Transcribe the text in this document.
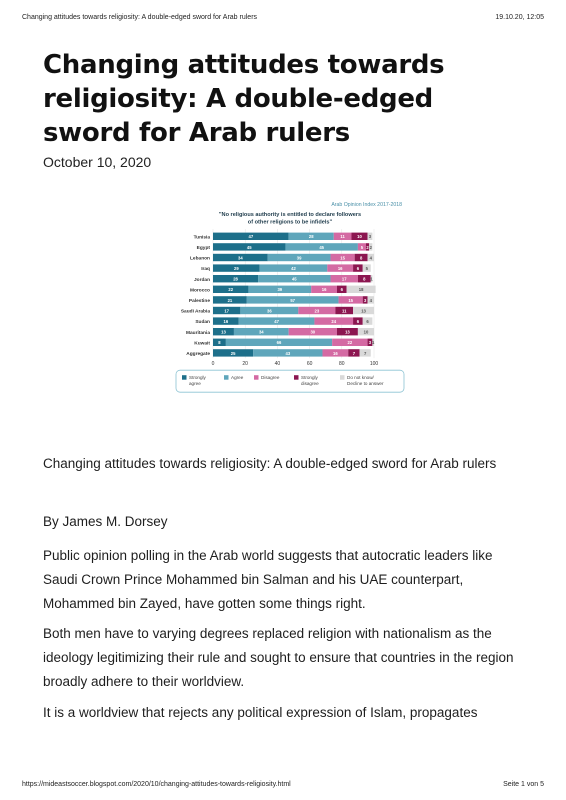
Changing attitudes towards religiosity: A double-edged sword for Arab rulers	19.10.20, 12:05
Changing attitudes towards religiosity: A double-edged sword for Arab rulers
October 10, 2020
Arab Opinion Index 2017-2018
"No religious authority is entitled to declare followers
of other religions to be infidels"
Tunisia	47	28	11	10 3
Egypt	45	45	5 2 2
Lebanon	34	39	15	8 4
Iraq	29	42	16	6 5
Jordan	28	45	17	8 1
Morocco	22	39	16	6	18
Palestine	21	57	15	3 4
Saudi Arabia	17	36	23	11	13
Sudan	16	47	24	6 6
Mauritania	13	34	30	13	10
Kuwait 8	66	22	3 1
Aggregate	25	43	16	7 7
0	20	40	60	80	100
Strongly
agree
Agree	Disagree	Strongly
disagree
Do not know/
Decline to answer

Changing attitudes towards religiosity: A double-edged sword for Arab rulers

By James M. Dorsey

Public opinion polling in the Arab world suggests that autocratic leaders like Saudi Crown Prince Mohammed bin Salman and his UAE counterpart, Mohammed bin Zayed, have gotten some things right.

Both men have to varying degrees replaced religion with nationalism as the ideology legitimizing their rule and sought to ensure that countries in the region broadly adhere to their worldview.

It is a worldview that rejects any political expression of Islam, propagates

https://mideastsoccer.blogspot.com/2020/10/changing-attitudes-towards-religiosity.html	Seite 1 von 5
